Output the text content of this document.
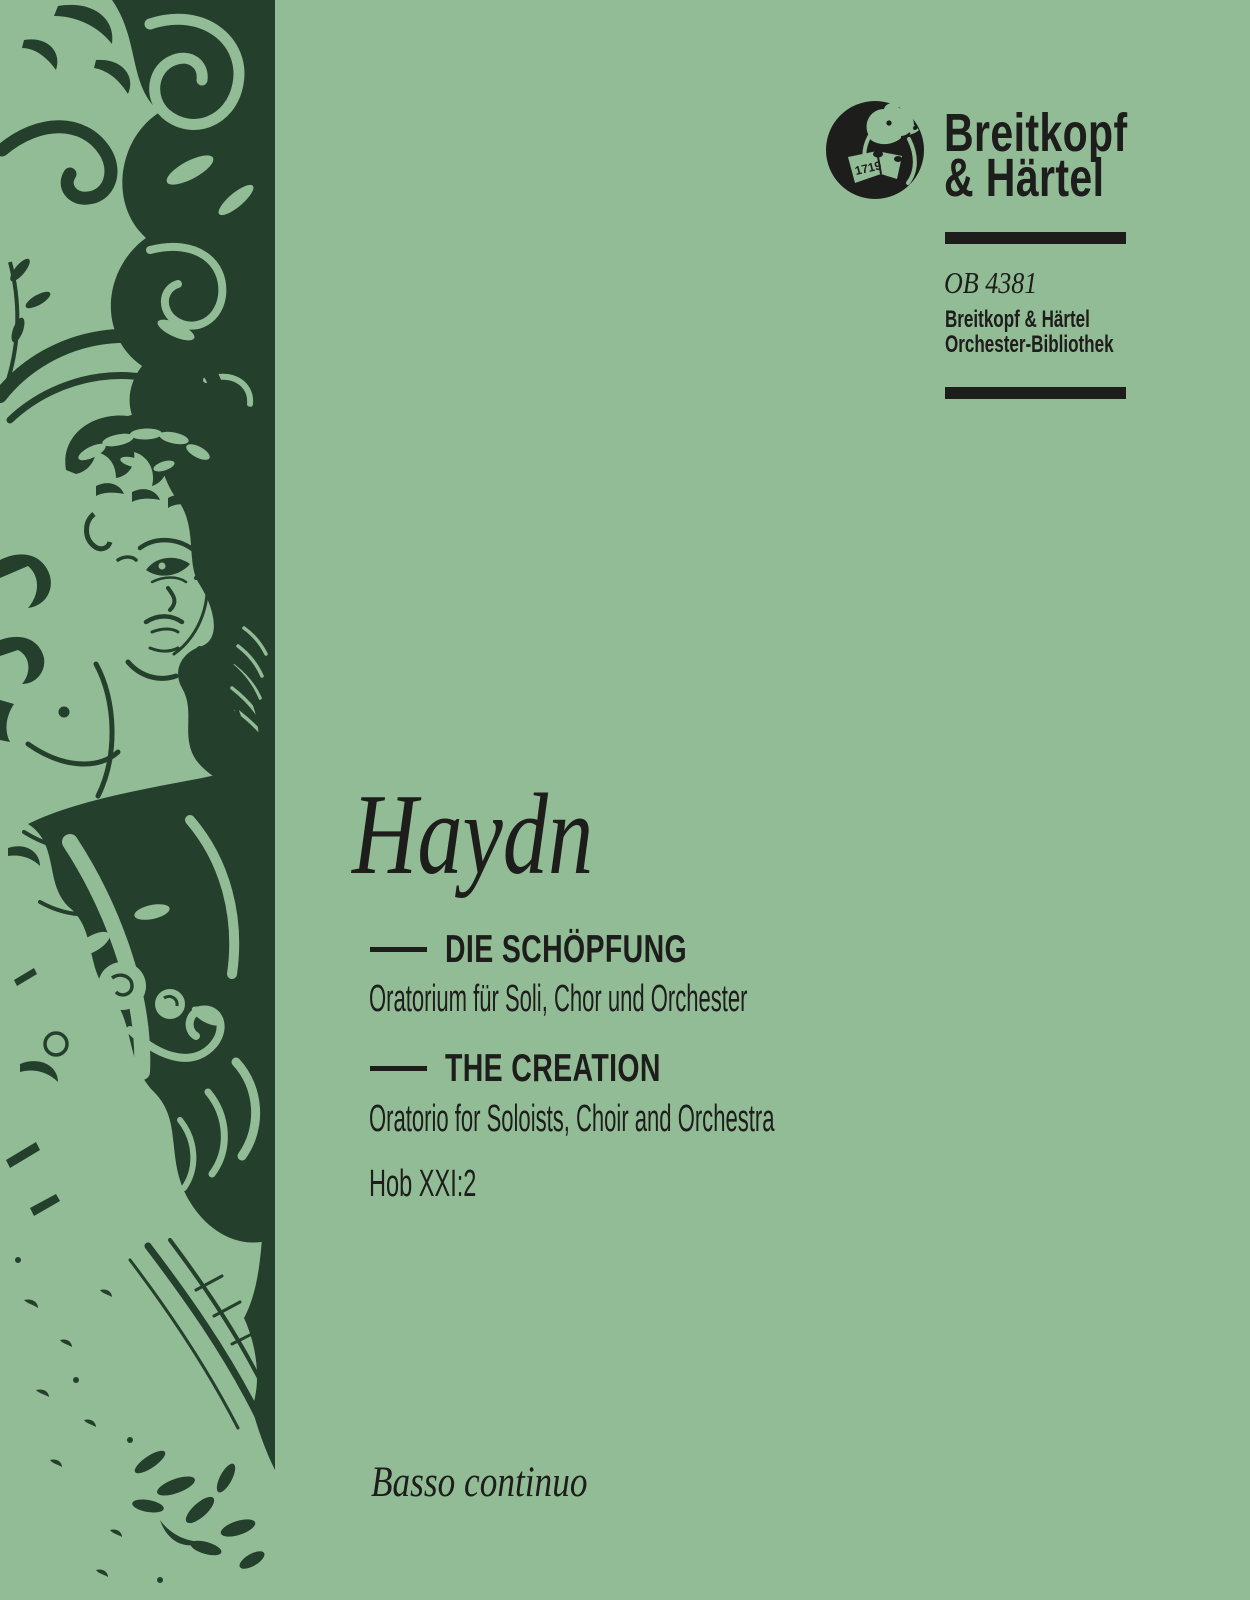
1719
Breitkopf
& Härtel
OB 4381
Breitkopf & Härtel
Orchester-Bibliothek
Haydn
DIE SCHÖPFUNG
Oratorium für Soli, Chor und Orchester
THE CREATION
Oratorio for Soloists, Choir and Orchestra
Hob XXI:2
Basso continuo
